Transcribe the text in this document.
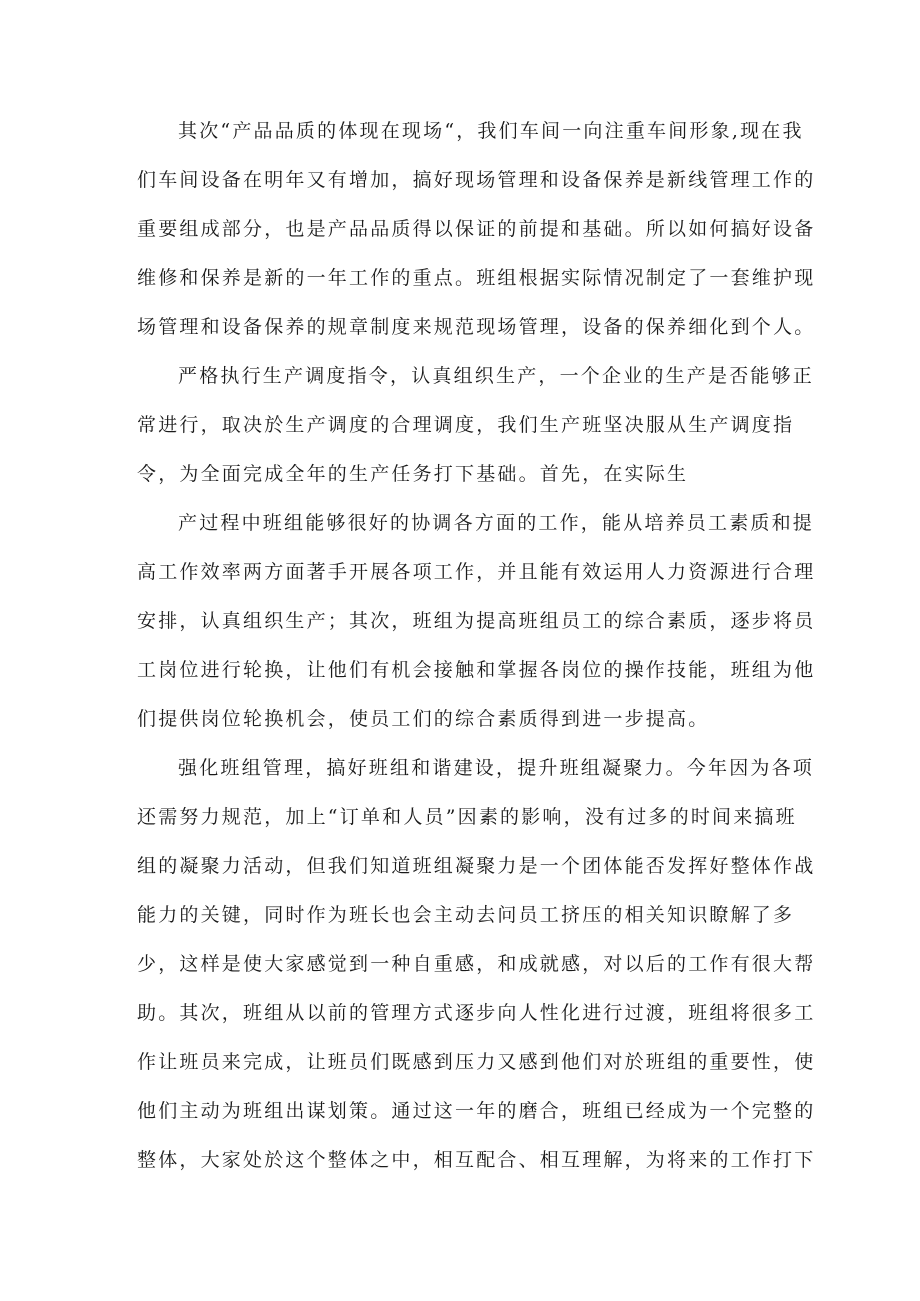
其次“产品品质的体现在现场“，我们车间一向注重车间形象,现在我
们车间设备在明年又有增加，搞好现场管理和设备保养是新线管理工作的
重要组成部分，也是产品品质得以保证的前提和基础。所以如何搞好设备
维修和保养是新的一年工作的重点。班组根据实际情况制定了一套维护现
场管理和设备保养的规章制度来规范现场管理，设备的保养细化到个人。
严格执行生产调度指令，认真组织生产，一个企业的生产是否能够正
常进行，取决於生产调度的合理调度，我们生产班坚决服从生产调度指
令，为全面完成全年的生产任务打下基础。首先，在实际生
产过程中班组能够很好的协调各方面的工作，能从培养员工素质和提
高工作效率两方面著手开展各项工作，并且能有效运用人力资源进行合理
安排，认真组织生产；其次，班组为提高班组员工的综合素质，逐步将员
工岗位进行轮换，让他们有机会接触和掌握各岗位的操作技能，班组为他
们提供岗位轮换机会，使员工们的综合素质得到进一步提高。
强化班组管理，搞好班组和谐建设，提升班组凝聚力。今年因为各项
还需努力规范，加上“订单和人员”因素的影响，没有过多的时间来搞班
组的凝聚力活动，但我们知道班组凝聚力是一个团体能否发挥好整体作战
能力的关键，同时作为班长也会主动去问员工挤压的相关知识瞭解了多
少，这样是使大家感觉到一种自重感，和成就感，对以后的工作有很大帮
助。其次，班组从以前的管理方式逐步向人性化进行过渡，班组将很多工
作让班员来完成，让班员们既感到压力又感到他们对於班组的重要性，使
他们主动为班组出谋划策。通过这一年的磨合，班组已经成为一个完整的
整体，大家处於这个整体之中，相互配合、相互理解，为将来的工作打下
